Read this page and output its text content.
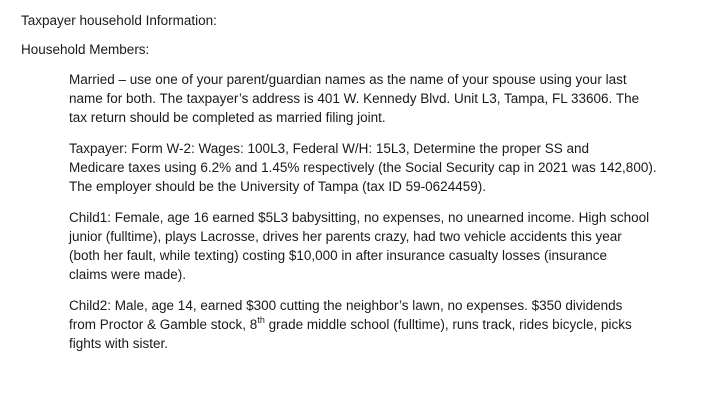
Taxpayer household Information:

Household Members:

Married – use one of your parent/guardian names as the name of your spouse using your last
name for both. The taxpayer’s address is 401 W. Kennedy Blvd. Unit L3, Tampa, FL 33606. The
tax return should be completed as married filing joint.
Taxpayer: Form W-2: Wages: 100L3, Federal W/H: 15L3, Determine the proper SS and
Medicare taxes using 6.2% and 1.45% respectively (the Social Security cap in 2021 was 142,800).
The employer should be the University of Tampa (tax ID 59-0624459).
Child1: Female, age 16 earned $5L3 babysitting, no expenses, no unearned income. High school
junior (fulltime), plays Lacrosse, drives her parents crazy, had two vehicle accidents this year
(both her fault, while texting) costing $10,000 in after insurance casualty losses (insurance
claims were made).
Child2: Male, age 14, earned $300 cutting the neighbor’s lawn, no expenses. $350 dividends
from Proctor & Gamble stock, 8th grade middle school (fulltime), runs track, rides bicycle, picks
fights with sister.
